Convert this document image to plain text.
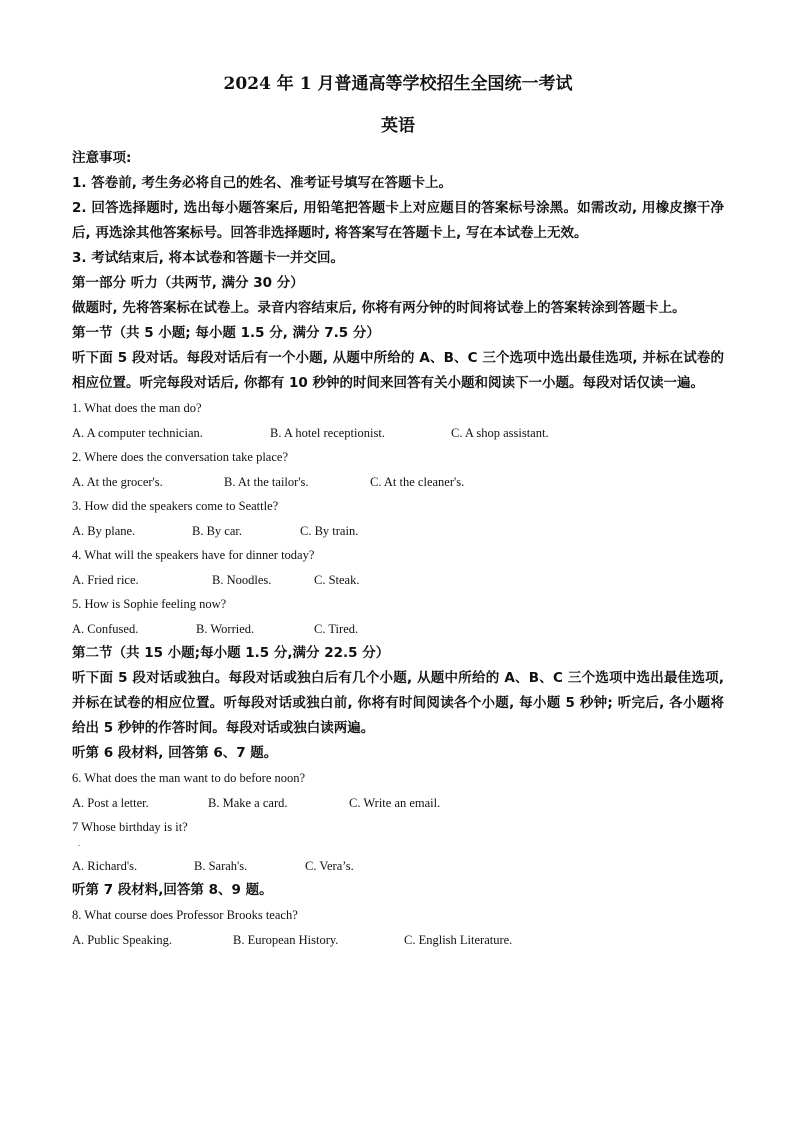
2024 年 1 月普通高等学校招生全国统一考试

英语

注意事项:

1. 答卷前, 考生务必将自己的姓名、准考证号填写在答题卡上。

2. 回答选择题时, 选出每小题答案后, 用铅笔把答题卡上对应题目的答案标号涂黑。如需改动, 用橡皮擦干净后, 再选涂其他答案标号。回答非选择题时, 将答案写在答题卡上, 写在本试卷上无效。

3. 考试结束后, 将本试卷和答题卡一并交回。

第一部分 听力（共两节, 满分 30 分）

做题时, 先将答案标在试卷上。录音内容结束后, 你将有两分钟的时间将试卷上的答案转涂到答题卡上。

第一节（共 5 小题; 每小题 1.5 分, 满分 7.5 分）

听下面 5 段对话。每段对话后有一个小题, 从题中所给的 A、B、C 三个选项中选出最佳选项, 并标在试卷的相应位置。听完每段对话后, 你都有 10 秒钟的时间来回答有关小题和阅读下一小题。每段对话仅读一遍。

1. What does the man do?

A. A computer technician.	B. A hotel receptionist.	C. A shop assistant.

2. Where does the conversation take place?

A. At the grocer's.	B. At the tailor's.	C. At the cleaner's.

3. How did the speakers come to Seattle?

A. By plane.	B. By car.	C. By train.

4. What will the speakers have for dinner today?

A. Fried rice.	B. Noodles.	C. Steak.

5. How is Sophie feeling now?

A. Confused.	B. Worried.	C. Tired.

第二节（共 15 小题;每小题 1.5 分,满分 22.5 分）

听下面 5 段对话或独白。每段对话或独白后有几个小题, 从题中所给的 A、B、C 三个选项中选出最佳选项, 并标在试卷的相应位置。听每段对话或独白前, 你将有时间阅读各个小题, 每小题 5 秒钟; 听完后, 各小题将给出 5 秒钟的作答时间。每段对话或独白读两遍。

听第 6 段材料, 回答第 6、7 题。

6. What does the man want to do before noon?

A. Post a letter.	B. Make a card.	C. Write an email.

7 Whose birthday is it?

.

A. Richard's.	B. Sarah's.	C. Vera’s.

听第 7 段材料,回答第 8、9 题。

8. What course does Professor Brooks teach?

A. Public Speaking.	B. European History.	C. English Literature.
